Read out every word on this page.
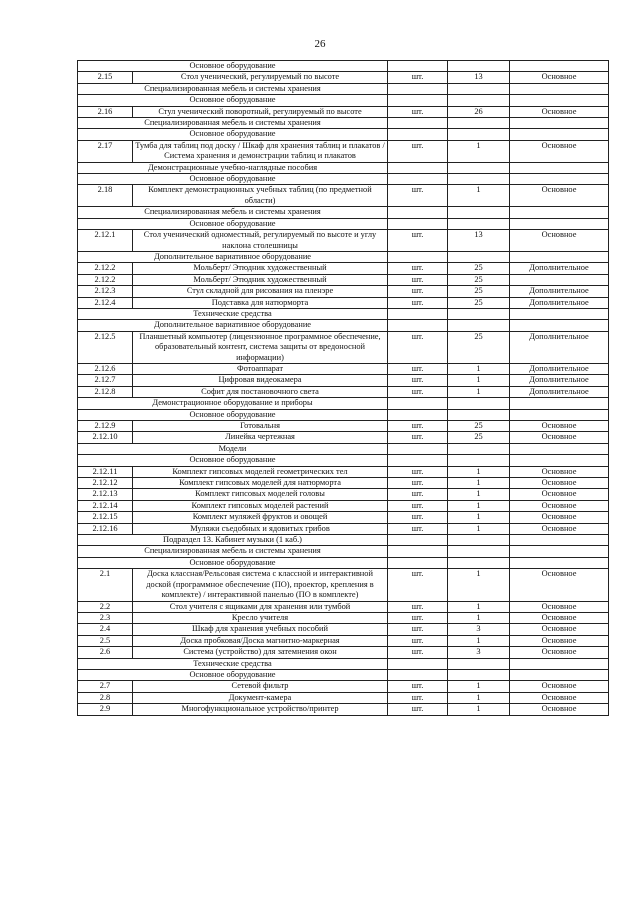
26
Основное оборудование				
2.15	Стол ученический, регулируемый по высоте	шт.	13	Основное
Специализированная мебель и системы хранения				
Основное оборудование				
2.16	Стул ученический поворотный, регулируемый по высоте	шт.	26	Основное
Специализированная мебель и системы хранения				
Основное оборудование				
2.17	Тумба для таблиц под доску / Шкаф для хранения таблиц и плакатов / Система хранения и демонстрации таблиц и плакатов	шт.	1	Основное
Демонстрационные учебно-наглядные пособия				
Основное оборудование				
2.18	Комплект демонстрационных учебных таблиц (по предметной области)	шт.	1	Основное
Специализированная мебель и системы хранения				
Основное оборудование				
2.12.1	Стол ученический одноместный, регулируемый по высоте и углу наклона столешницы	шт.	13	Основное
Дополнительное вариативное оборудование				
2.12.2	Мольберт/ Этюдник художественный	шт.	25	Дополнительное
2.12.2	Мольберт/ Этюдник художественный	шт.	25	
2.12.3	Стул складной для рисования на пленэре	шт.	25	Дополнительное
2.12.4	Подставка для натюрморта	шт.	25	Дополнительное
Технические средства				
Дополнительное вариативное оборудование				
2.12.5	Планшетный компьютер (лицензионное программное обеспечение, образовательный контент, система защиты от вредоносной информации)	шт.	25	Дополнительное
2.12.6	Фотоаппарат	шт.	1	Дополнительное
2.12.7	Цифровая видеокамера	шт.	1	Дополнительное
2.12.8	Софит для постановочного света	шт.	1	Дополнительное
Демонстрационное оборудование и приборы				
Основное оборудование				
2.12.9	Готовальня	шт.	25	Основное
2.12.10	Линейка чертежная	шт.	25	Основное
Модели				
Основное оборудование				
2.12.11	Комплект гипсовых моделей геометрических тел	шт.	1	Основное
2.12.12	Комплект гипсовых моделей для натюрморта	шт.	1	Основное
2.12.13	Комплект гипсовых моделей головы	шт.	1	Основное
2.12.14	Комплект гипсовых моделей растений	шт.	1	Основное
2.12.15	Комплект муляжей фруктов и овощей	шт.	1	Основное
2.12.16	Муляжи съедобных и ядовитых грибов	шт.	1	Основное
Подраздел 13. Кабинет музыки (1 каб.)				
Специализированная мебель и системы хранения				
Основное оборудование				
2.1	Доска классная/Рельсовая система с классной и интерактивной доской (программное обеспечение (ПО), проектор, крепления в комплекте) / интерактивной панелью (ПО в комплекте)	шт.	1	Основное
2.2	Стол учителя с ящиками для хранения или тумбой	шт.	1	Основное
2.3	Кресло учителя	шт.	1	Основное
2.4	Шкаф для хранения учебных пособий	шт.	3	Основное
2.5	Доска пробковая/Доска магнитно-маркерная	шт.	1	Основное
2.6	Система (устройство) для затемнения окон	шт.	3	Основное
Технические средства				
Основное оборудование				
2.7	Сетевой фильтр	шт.	1	Основное
2.8	Документ-камера	шт.	1	Основное
2.9	Многофункциональное устройство/принтер	шт.	1	Основное
